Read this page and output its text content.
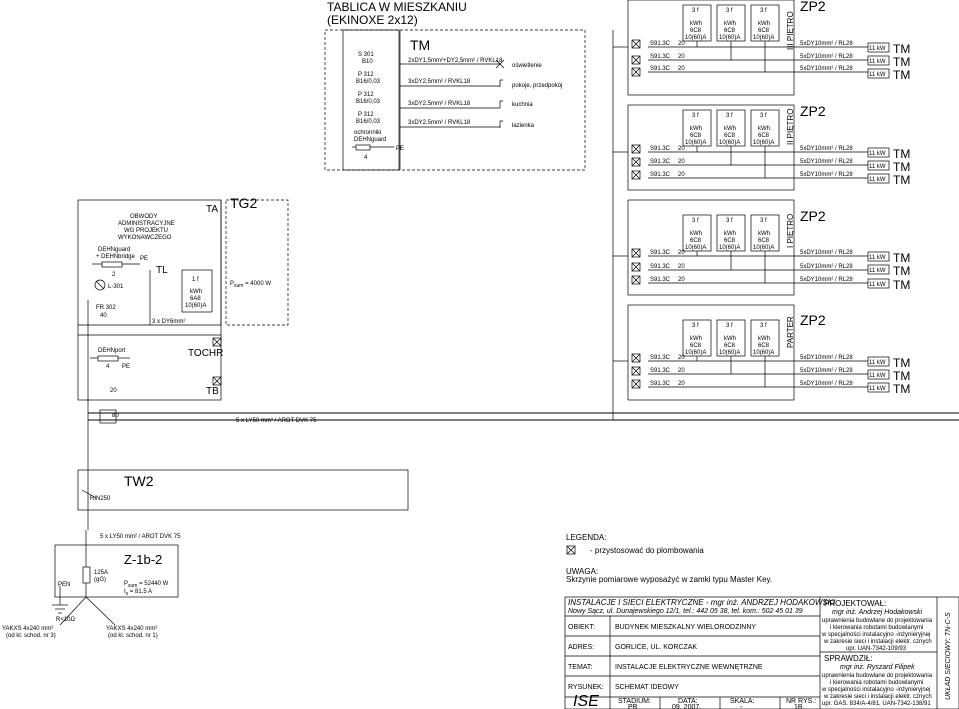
TABLICA W MIESZKANIU
(EKINOXE 2x12)
TM
S 301
B10
P 312
B16/0,03
P 312
B16/0,03
P 312
B16/0,03
2xDY1,5mm²+DY2,5mm² / RVKL18
3xDY2,5mm² / RVKL18
3xDY2,5mm² / RVKL18
3xDY2,5mm² / RVKL18
oświetlenie
pokoje, przedpokój
kuchnia
łazienka
ochronniki
DEHNguard
4
PE
ZP2
ZP2
ZP2
ZP2
III PIĘTRO
II PIĘTRO
I PIĘTRO
PARTER
3 f
kWh
6C8
10(60)A
3 f
kWh
6C8
10(60)A
3 f
kWh
6C8
10(60)A
3 f
kWh
6C8
10(60)A
3 f
kWh
6C8
10(60)A
3 f
kWh
6C8
10(60)A
3 f
kWh
6C8
10(60)A
3 f
kWh
6C8
10(60)A
3 f
kWh
6C8
10(60)A
3 f
kWh
6C8
10(60)A
3 f
kWh
6C8
10(60)A
3 f
kWh
6C8
10(60)A
S91.3C 20
S91.3C 20
S91.3C 20
S91.3C 20
S91.3C 20
S91.3C 20
S91.3C 20
S91.3C 20
S91.3C 20
S91.3C 20
S91.3C 20
S91.3C 20
5xDY10mm² / RL28
5xDY10mm² / RL28
5xDY10mm² / RL28
5xDY10mm² / RL28
5xDY10mm² / RL28
5xDY10mm² / RL28
5xDY10mm² / RL28
5xDY10mm² / RL28
5xDY10mm² / RL28
5xDY10mm² / RL28
5xDY10mm² / RL28
5xDY10mm² / RL28
11 kW
11 kW
11 kW
11 kW
11 kW
11 kW
11 kW
11 kW
11 kW
11 kW
11 kW
11 kW
TM
TM
TM
TM
TM
TM
TM
TM
TM
TM
TM
TM
OBWODY
ADMINISTRACYJNE
WG PROJEKTU
WYKONAWCZEGO
DEHNguard
+ DEHNbridge PE
2
L-301
FR 302
40
TL
TA TG2
1 f
kWh
6A8
10(60)A
$P_{sum} = 4000$ W
3 x DY6mm²
DEHNport
4 PE
TOCHR
20	TB
80
5 x LY50 mm² / AROT DVK 75
TW2
RIN250
5 x LY50 mm² / AROT DVK 75
Z-1b-2
125A
(gG)
$P_{sum} = 52440$ W
$I_s = 81,5$ A
PEN
R<10Ω
YAKXS 4x240 mm²
(od kl. schod. nr 3)
YAKXS 4x240 mm²
(od kl. schod. nr 1)
LEGENDA:
- przystosować do plombowania
UWAGA:
Skrzynie pomiarowe wyposażyć w zamki typu Master Key.
INSTALACJE I SIECI ELEKTRYCZNE - mgr inż. ANDRZEJ HODAKOWSKI
Nowy Sącz, ul. Dunajewskiego 12/1, tel.: 442 05 38, tel. kom.: 502 45 01 39
OBIEKT:	BUDYNEK MIESZKALNY WIELORODZINNY
ADRES:	GORLICE, UL. KORCZAK
TEMAT:	INSTALACJE ELEKTRYCZNE WEWNĘTRZNE
RYSUNEK: SCHEMAT IDEOWY
ISE	STADIUM:
PB
DATA:
09. 2007.
SKALA:
-
NR RYS.:
1B
PROJEKTOWAŁ:
mgr inż. Andrzej Hodakowski
uprawnienia budowlane do projektowania
i kierowania robotami budowlanymi
w specjalności instalacyjno -inżynieryjnej
w zakresie sieci i instalacji elektr. cznych
upr. UAN-7342-109/93
SPRAWDZIŁ:
mgr inż. Ryszard Filipek
uprawnienia budowlane do projektowania
i kierowania robotami budowlanymi
w specjalności instalacyjno -inżynieryjnej
w zakresie sieci i instalacji elektr. cznych
upr. GAS. 834/A-4/81, UAN-7342-138/91
UKŁAD SIECIOWY: TN-C-S
